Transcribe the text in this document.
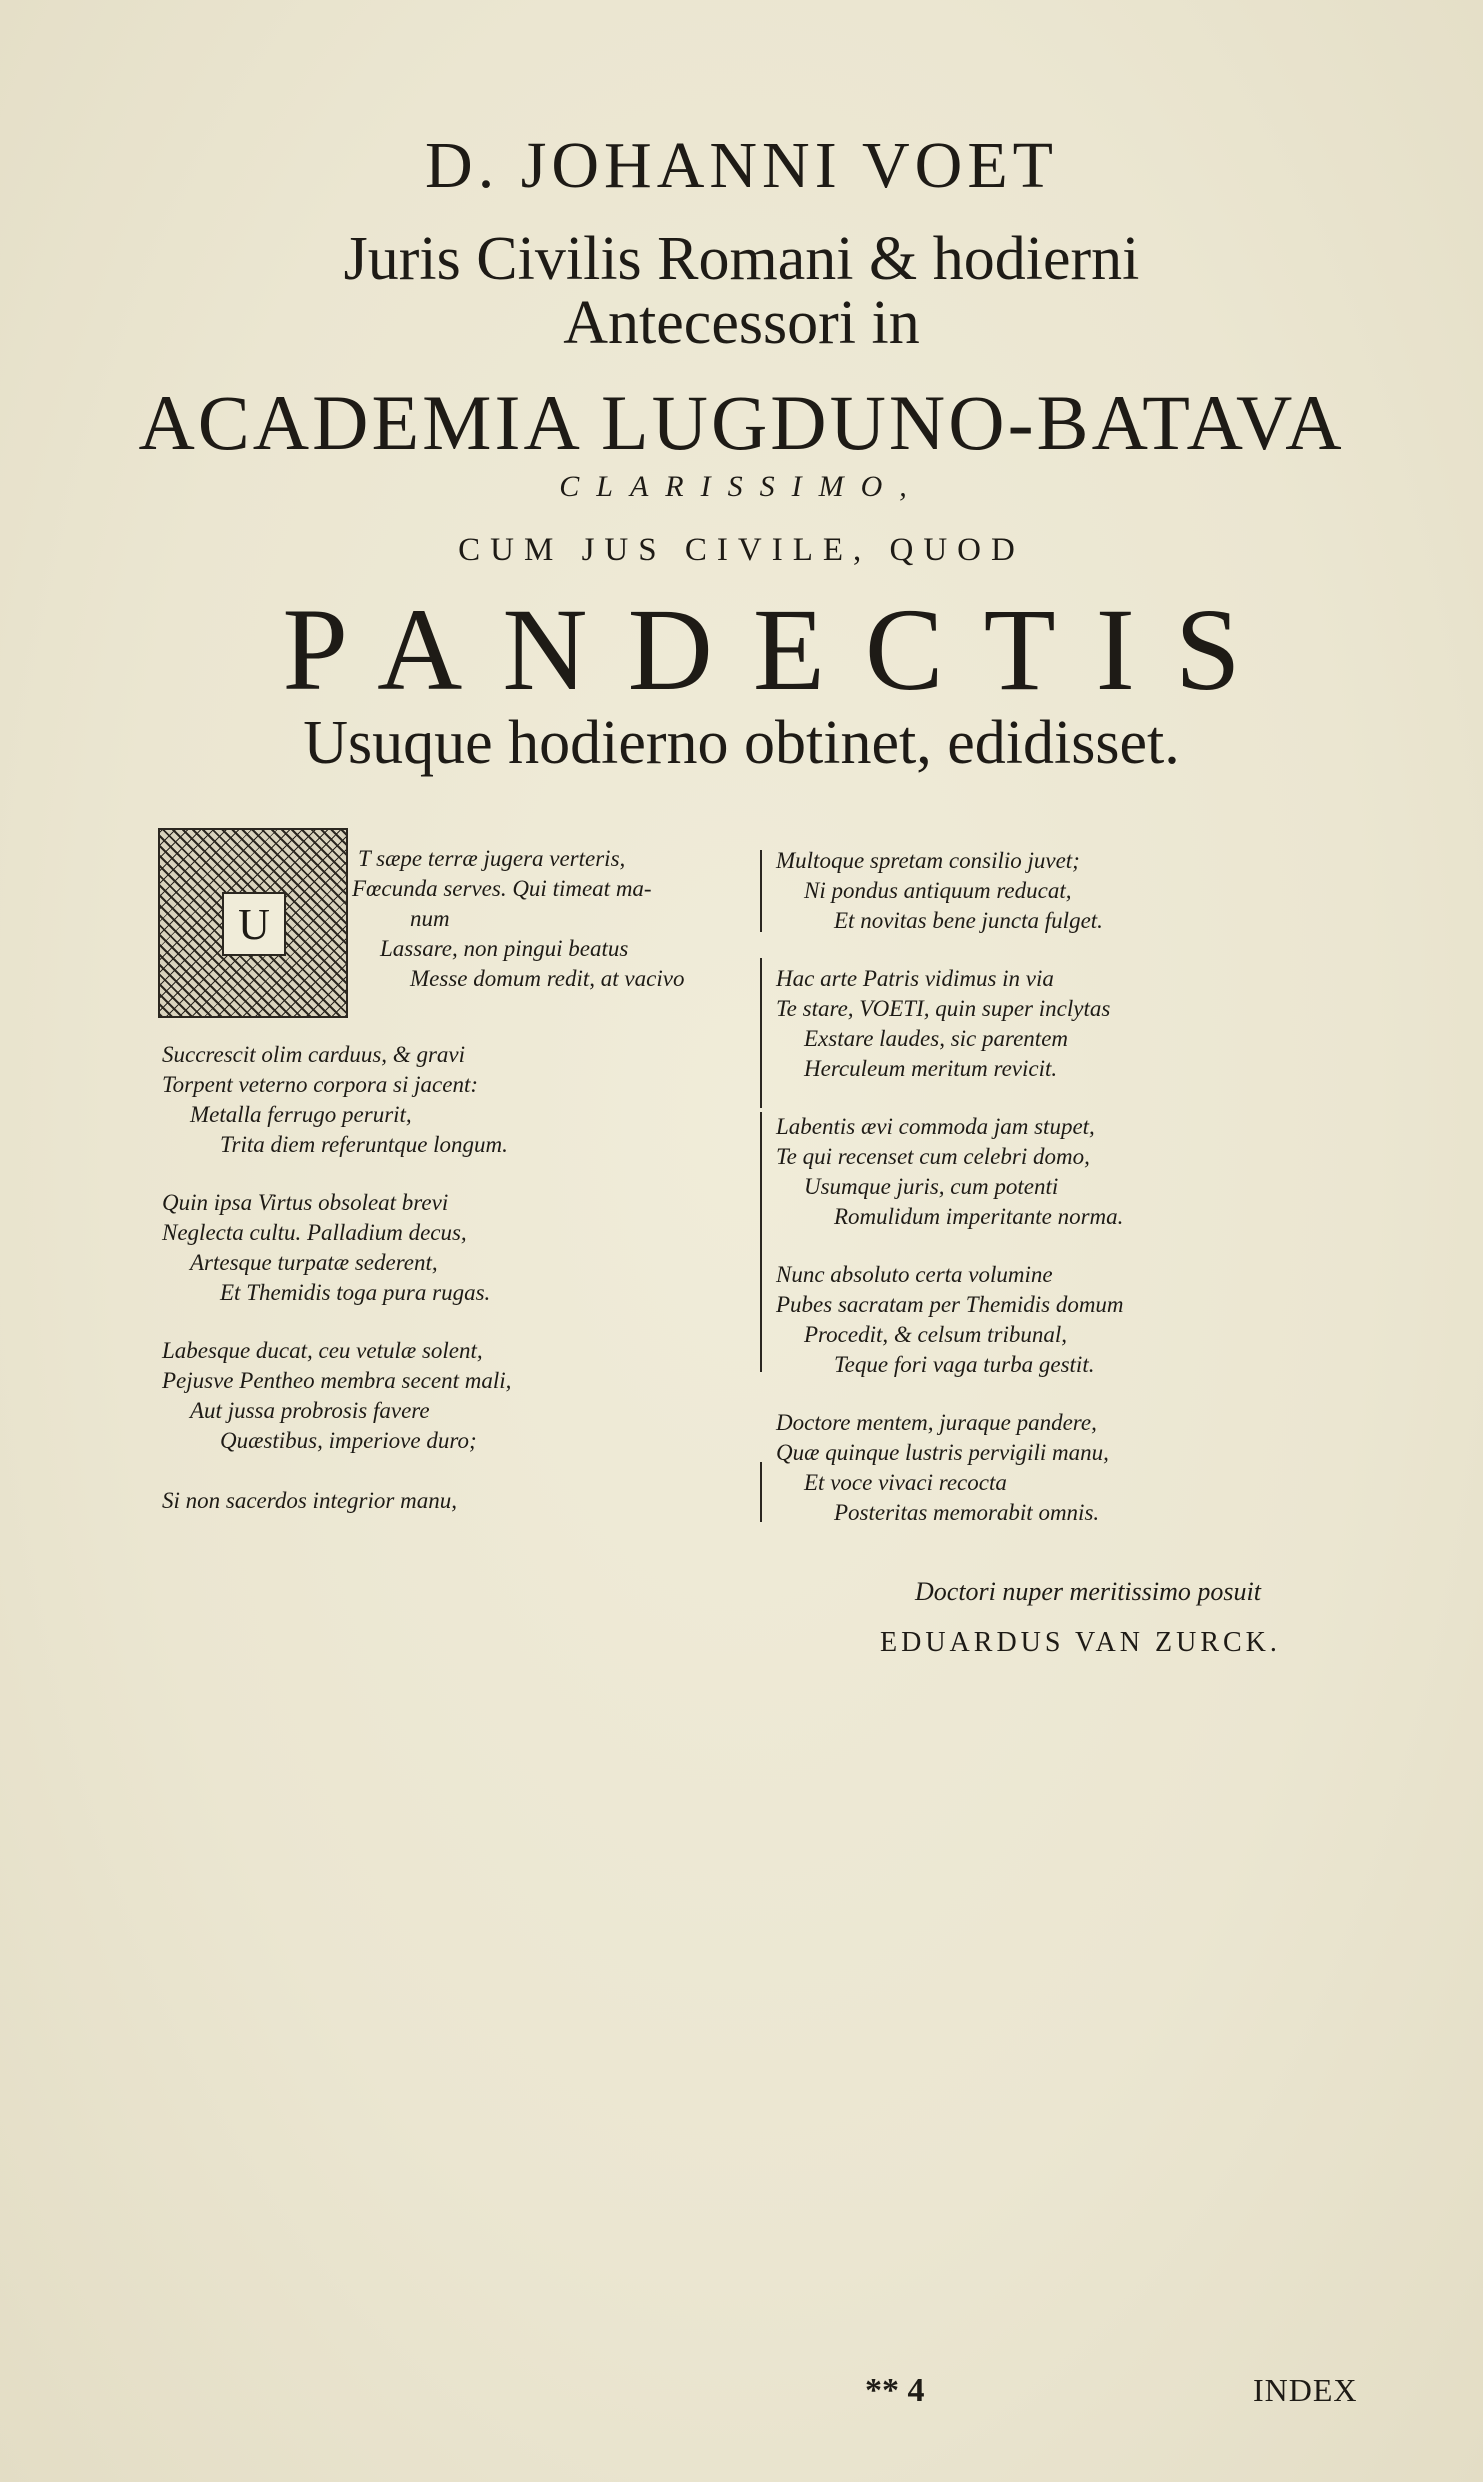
D. JOHANNI VOET
Juris Civilis Romani & hodierni
Antecessori in
ACADEMIA LUGDUNO-BATAVA
CLARISSIMO,
CUM JUS CIVILE, QUOD
PANDECTIS
Usuque hodierno obtinet, edidisset.
U
T sæpe terræ jugera verteris,
Fœcunda serves. Qui timeat ma-
num
Lassare, non pingui beatus
Messe domum redit, at vacivo
Succrescit olim carduus, & gravi
Torpent veterno corpora si jacent:
Metalla ferrugo perurit,
Trita diem referuntque longum.
Quin ipsa Virtus obsoleat brevi
Neglecta cultu. Palladium decus,
Artesque turpatæ sederent,
Et Themidis toga pura rugas.
Labesque ducat, ceu vetulæ solent,
Pejusve Pentheo membra secent mali,
Aut jussa probrosis favere
Quæstibus, imperiove duro;
Si non sacerdos integrior manu,
Multoque spretam consilio juvet;
Ni pondus antiquum reducat,
Et novitas bene juncta fulget.
Hac arte Patris vidimus in via
Te stare, VOETI, quin super inclytas
Exstare laudes, sic parentem
Herculeum meritum revicit.
Labentis ævi commoda jam stupet,
Te qui recenset cum celebri domo,
Usumque juris, cum potenti
Romulidum imperitante norma.
Nunc absoluto certa volumine
Pubes sacratam per Themidis domum
Procedit, & celsum tribunal,
Teque fori vaga turba gestit.
Doctore mentem, juraque pandere,
Quæ quinque lustris pervigili manu,
Et voce vivaci recocta
Posteritas memorabit omnis.
Doctori nuper meritissimo posuit
EDUARDUS VAN ZURCK.
** 4	INDEX
